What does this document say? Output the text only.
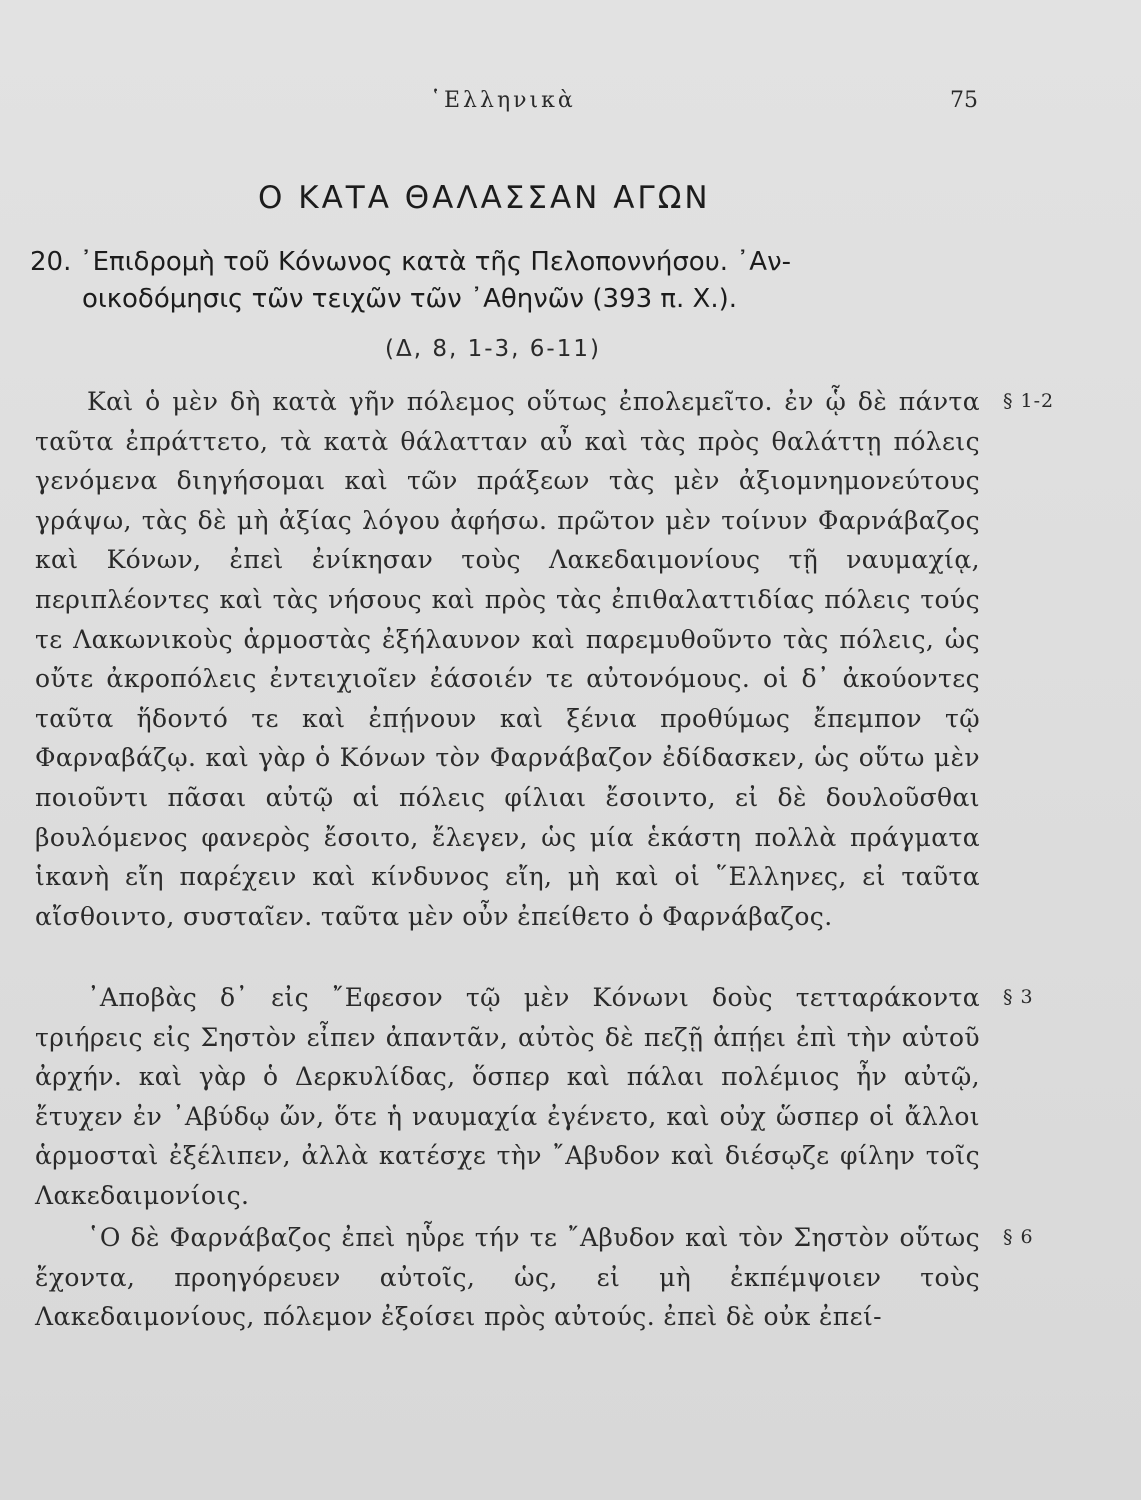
῾Ελληνικὰ	75
Ο ΚΑΤΑ ΘΑΛΑΣΣΑΝ ΑΓΩΝ
20. ᾿Επιδρομὴ τοῦ Κόνωνος κατὰ τῆς Πελοποννήσου. ᾿Αν-
οικοδόμησις τῶν τειχῶν τῶν ᾿Αθηνῶν (393 π. Χ.).
(Δ, 8, 1-3, 6-11)
Καὶ ὁ μὲν δὴ κατὰ γῆν πόλεμος οὕτως ἐπολεμεῖτο. ἐν ᾧ δὲ πάντα ταῦτα ἐπράττετο, τὰ κατὰ θάλατταν αὖ καὶ τὰς πρὸς θαλάττῃ πόλεις γενόμενα διηγήσομαι καὶ τῶν πράξεων τὰς μὲν ἀξιομνημονεύτους γράψω, τὰς δὲ μὴ ἀξίας λόγου ἀφήσω. πρῶτον μὲν τοίνυν Φαρνάβαζος καὶ Κόνων, ἐπεὶ ἐνίκησαν τοὺς Λακεδαιμονίους τῇ ναυμαχίᾳ, περιπλέοντες καὶ τὰς νήσους καὶ πρὸς τὰς ἐπιθαλαττιδίας πόλεις τούς τε Λακωνικοὺς ἁρμοστὰς ἐξήλαυνον καὶ παρεμυθοῦντο τὰς πόλεις, ὡς οὔτε ἀκροπόλεις ἐντειχιοῖεν ἐάσοιέν τε αὐτονόμους. οἱ δ᾿ ἀκούοντες ταῦτα ἥδοντό τε καὶ ἐπῄνουν καὶ ξένια προθύμως ἔπεμπον τῷ Φαρναβάζῳ. καὶ γὰρ ὁ Κόνων τὸν Φαρνάβαζον ἐδίδασκεν, ὡς οὕτω μὲν ποιοῦντι πᾶσαι αὐτῷ αἱ πόλεις φίλιαι ἔσοιντο, εἰ δὲ δουλοῦσθαι βουλόμενος φανερὸς ἔσοιτο, ἔλεγεν, ὡς μία ἑκάστη πολλὰ πράγματα ἱκανὴ εἴη παρέχειν καὶ κίνδυνος εἴη, μὴ καὶ οἱ ῞Ελληνες, εἰ ταῦτα αἴσθοιντο, συσταῖεν. ταῦτα μὲν οὖν ἐπείθετο ὁ Φαρνάβαζος.
§ 1-2
᾿Αποβὰς δ᾿ εἰς ῎Εφεσον τῷ μὲν Κόνωνι δοὺς τετταράκοντα τριήρεις εἰς Σηστὸν εἶπεν ἀπαντᾶν, αὐτὸς δὲ πεζῇ ἀπῄει ἐπὶ τὴν αὑτοῦ ἀρχήν. καὶ γὰρ ὁ Δερκυλίδας, ὅσπερ καὶ πάλαι πολέμιος ἦν αὐτῷ, ἔτυχεν ἐν ᾿Αβύδῳ ὤν, ὅτε ἡ ναυμαχία ἐγένετο, καὶ οὐχ ὥσπερ οἱ ἄλλοι ἁρμοσταὶ ἐξέλιπεν, ἀλλὰ κατέσχε τὴν ῎Αβυδον καὶ διέσῳζε φίλην τοῖς Λακεδαιμονίοις.
§ 3
῾Ο δὲ Φαρνάβαζος ἐπεὶ ηὗρε τήν τε ῎Αβυδον καὶ τὸν Σηστὸν οὕτως ἔχοντα, προηγόρευεν αὐτοῖς, ὡς, εἰ μὴ ἐκπέμψοιεν τοὺς Λακεδαιμονίους, πόλεμον ἐξοίσει πρὸς αὐτούς. ἐπεὶ δὲ οὐκ ἐπεί-
§ 6
